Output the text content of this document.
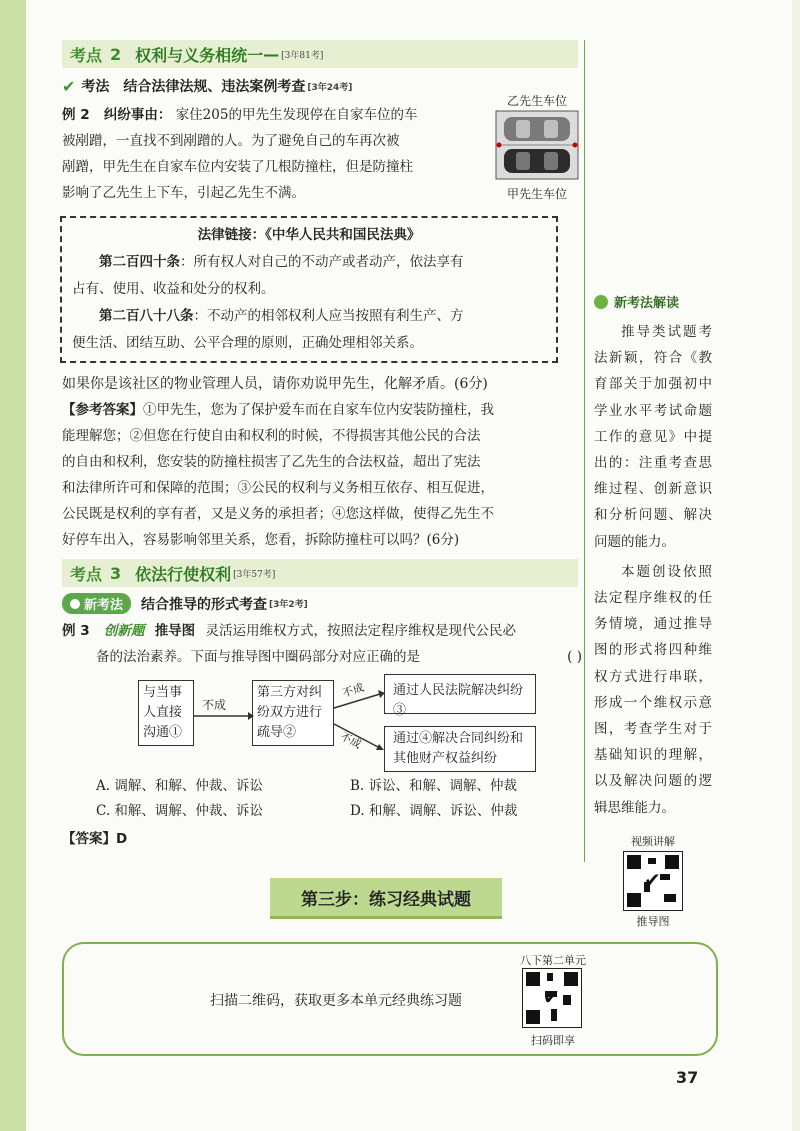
考点 2 权利与义务相统一 — [3年81考]
✔ 考法 结合法律法规、违法案例考查 [3年24考]
例 2 纠纷事由： 家住205的甲先生发现停在自家车位的车
被剐蹭，一直找不到剐蹭的人。为了避免自己的车再次被
剐蹭，甲先生在自家车位内安装了几根防撞柱，但是防撞柱
影响了乙先生上下车，引起乙先生不满。
乙先生车位
甲先生车位
法律链接：《中华人民共和国民法典》
第二百四十条：所有权人对自己的不动产或者动产，依法享有
占有、使用、收益和处分的权利。
第二百八十八条：不动产的相邻权利人应当按照有利生产、方
便生活、团结互助、公平合理的原则，正确处理相邻关系。
如果你是该社区的物业管理人员，请你劝说甲先生，化解矛盾。(6分)
【参考答案】①甲先生，您为了保护爱车而在自家车位内安装防撞柱，我
能理解您；②但您在行使自由和权利的时候，不得损害其他公民的合法
的自由和权利，您安装的防撞柱损害了乙先生的合法权益，超出了宪法
和法律所许可和保障的范围；③公民的权利与义务相互依存、相互促进，
公民既是权利的享有者，又是义务的承担者；④您这样做，使得乙先生不
好停车出入，容易影响邻里关系，您看，拆除防撞柱可以吗？(6分)
考点 3 依法行使权利 [3年57考]
新考法 结合推导的形式考查 [3年2考]
例 3 创新题 推导图 灵活运用维权方式，按照法定程序维权是现代公民必
备的法治素养。下面与推导图中圈码部分对应正确的是	( )
与当事人直接沟通①
第三方对纠纷双方进行疏导②
通过人民法院解决纠纷③
通过④解决合同纠纷和其他财产权益纠纷
不成
不成
不成
A. 调解、和解、仲裁、诉讼	B. 诉讼、和解、调解、仲裁
C. 和解、调解、仲裁、诉讼	D. 和解、调解、诉讼、仲裁
【答案】D
新考法解读
推导类试题考法新颖，符合《教育部关于加强初中学业水平考试命题工作的意见》中提出的：注重考查思维过程、创新意识和分析问题、解决问题的能力。
本题创设依照法定程序维权的任务情境，通过推导图的形式将四种维权方式进行串联，形成一个维权示意图，考查学生对于基础知识的理解，以及解决问题的逻辑思维能力。
视频讲解
✔
推导图
第三步：练习经典试题
扫描二维码，获取更多本单元经典练习题
八下第二单元
✔
扫码即享
37
